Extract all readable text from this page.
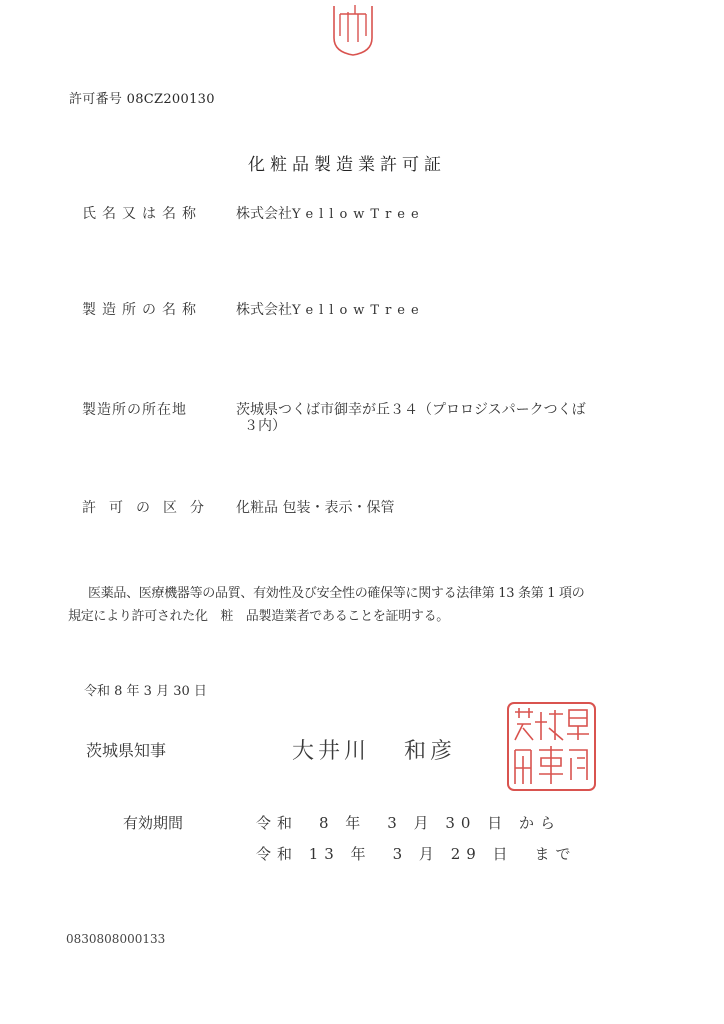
許可番号 08CZ200130
化粧品製造業許可証
氏名又は名称 株式会社YellowTree
製造所の名称 株式会社YellowTree
製造所の所在地	茨城県つくば市御幸が丘３４（プロロジスパークつくば
３内）
許可の区分 化粧品 包装・表示・保管
医薬品、医療機器等の品質、有効性及び安全性の確保等に関する法律第 13 条第 1 項の
規定により許可された化　粧　品製造業者であることを証明する。
令和 8 年 3 月 30 日
茨城県知事	大井川 和彦
有効期間	令和　8 年　3 月 30 日 から
令和 13 年　3 月 29 日　まで
0830808000133
